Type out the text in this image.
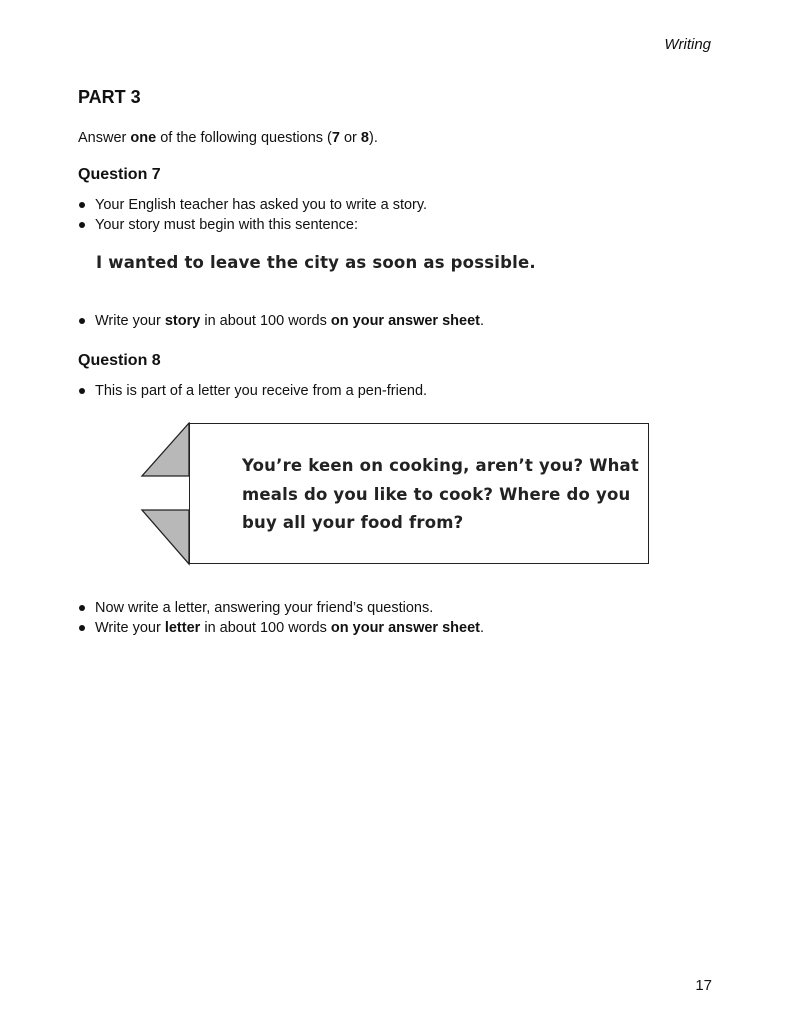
Writing
PART 3
Answer one of the following questions (7 or 8).
Question 7
Your English teacher has asked you to write a story.
Your story must begin with this sentence:
I wanted to leave the city as soon as possible.
Write your story in about 100 words on your answer sheet.
Question 8
This is part of a letter you receive from a pen-friend.
You’re keen on cooking, aren’t you? What meals do you like to cook? Where do you buy all your food from?
Now write a letter, answering your friend’s questions.
Write your letter in about 100 words on your answer sheet.
17
